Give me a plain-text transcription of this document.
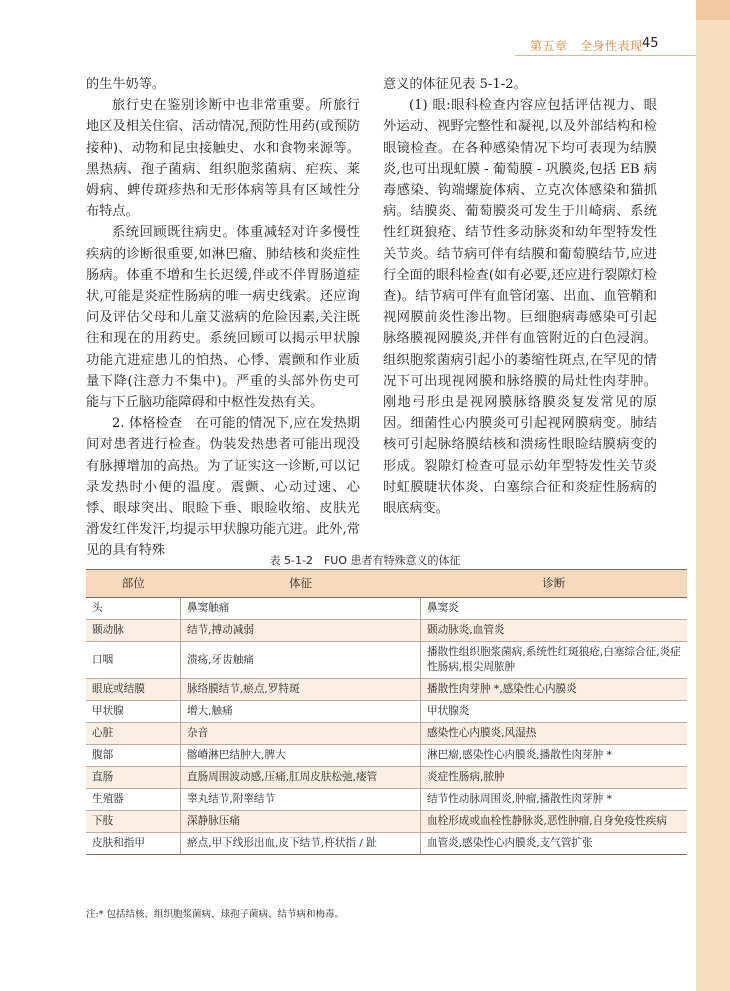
第五章　全身性表现 45

的生牛奶等。

旅行史在鉴别诊断中也非常重要。所旅行地区及相关住宿、活动情况,预防性用药(或预防接种)、动物和昆虫接触史、水和食物来源等。黑热病、孢子菌病、组织胞浆菌病、疟疾、莱姆病、蜱传斑疹热和无形体病等具有区域性分布特点。

系统回顾既往病史。体重减轻对许多慢性疾病的诊断很重要,如淋巴瘤、肺结核和炎症性肠病。体重不增和生长迟缓,伴或不伴胃肠道症状,可能是炎症性肠病的唯一病史线索。还应询问及评估父母和儿童艾滋病的危险因素,关注既往和现在的用药史。系统回顾可以揭示甲状腺功能亢进症患儿的怕热、心悸、震颤和作业质量下降(注意力不集中)。严重的头部外伤史可能与下丘脑功能障碍和中枢性发热有关。

2. 体格检查　在可能的情况下,应在发热期间对患者进行检查。伪装发热患者可能出现没有脉搏增加的高热。为了证实这一诊断,可以记录发热时小便的温度。震颤、心动过速、心悸、眼球突出、眼睑下垂、眼睑收缩、皮肤光滑发红伴发汗,均提示甲状腺功能亢进。此外,常见的具有特殊

意义的体征见表 5-1-2。

(1) 眼:眼科检查内容应包括评估视力、眼外运动、视野完整性和凝视,以及外部结构和检眼镜检查。在各种感染情况下均可表现为结膜炎,也可出现虹膜 - 葡萄膜 - 巩膜炎,包括 EB 病毒感染、钩端螺旋体病、立克次体感染和猫抓病。结膜炎、葡萄膜炎可发生于川崎病、系统性红斑狼疮、结节性多动脉炎和幼年型特发性关节炎。结节病可伴有结膜和葡萄膜结节,应进行全面的眼科检查(如有必要,还应进行裂隙灯检查)。结节病可伴有血管闭塞、出血、血管鞘和视网膜前炎性渗出物。巨细胞病毒感染可引起脉络膜视网膜炎,并伴有血管附近的白色浸润。组织胞浆菌病引起小的萎缩性斑点,在罕见的情况下可出现视网膜和脉络膜的局灶性肉芽肿。刚地弓形虫是视网膜脉络膜炎复发常见的原因。细菌性心内膜炎可引起视网膜病变。肺结核可引起脉络膜结核和溃疡性眼睑结膜病变的形成。裂隙灯检查可显示幼年型特发性关节炎时虹膜睫状体炎、白塞综合征和炎症性肠病的眼底病变。

表 5-1-2　FUO 患者有特殊意义的体征
部位	体征	诊断
头	鼻窦触痛	鼻窦炎
颞动脉	结节,搏动减弱	颞动脉炎,血管炎
口咽	溃疡,牙齿触痛	播散性组织胞浆菌病,系统性红斑狼疮,白塞综合征,炎症性肠病,根尖周脓肿
眼底或结膜	脉络膜结节,瘀点,罗特斑	播散性肉芽肿 *,感染性心内膜炎
甲状腺	增大,触痛	甲状腺炎
心脏	杂音	感染性心内膜炎,风湿热
腹部	髂嵴淋巴结肿大,脾大	淋巴瘤,感染性心内膜炎,播散性肉芽肿 *
直肠	直肠周围波动感,压痛,肛周皮肤松弛,瘘管	炎症性肠病,脓肿
生殖器	睾丸结节,附睾结节	结节性动脉周围炎,肿瘤,播散性肉芽肿 *
下肢	深静脉压痛	血栓形成或血栓性静脉炎,恶性肿瘤,自身免疫性疾病
皮肤和指甲	瘀点,甲下线形出血,皮下结节,杵状指 / 趾	血管炎,感染性心内膜炎,支气管扩张
注:* 包括结核、组织胞浆菌病、球孢子菌病、结节病和梅毒。
